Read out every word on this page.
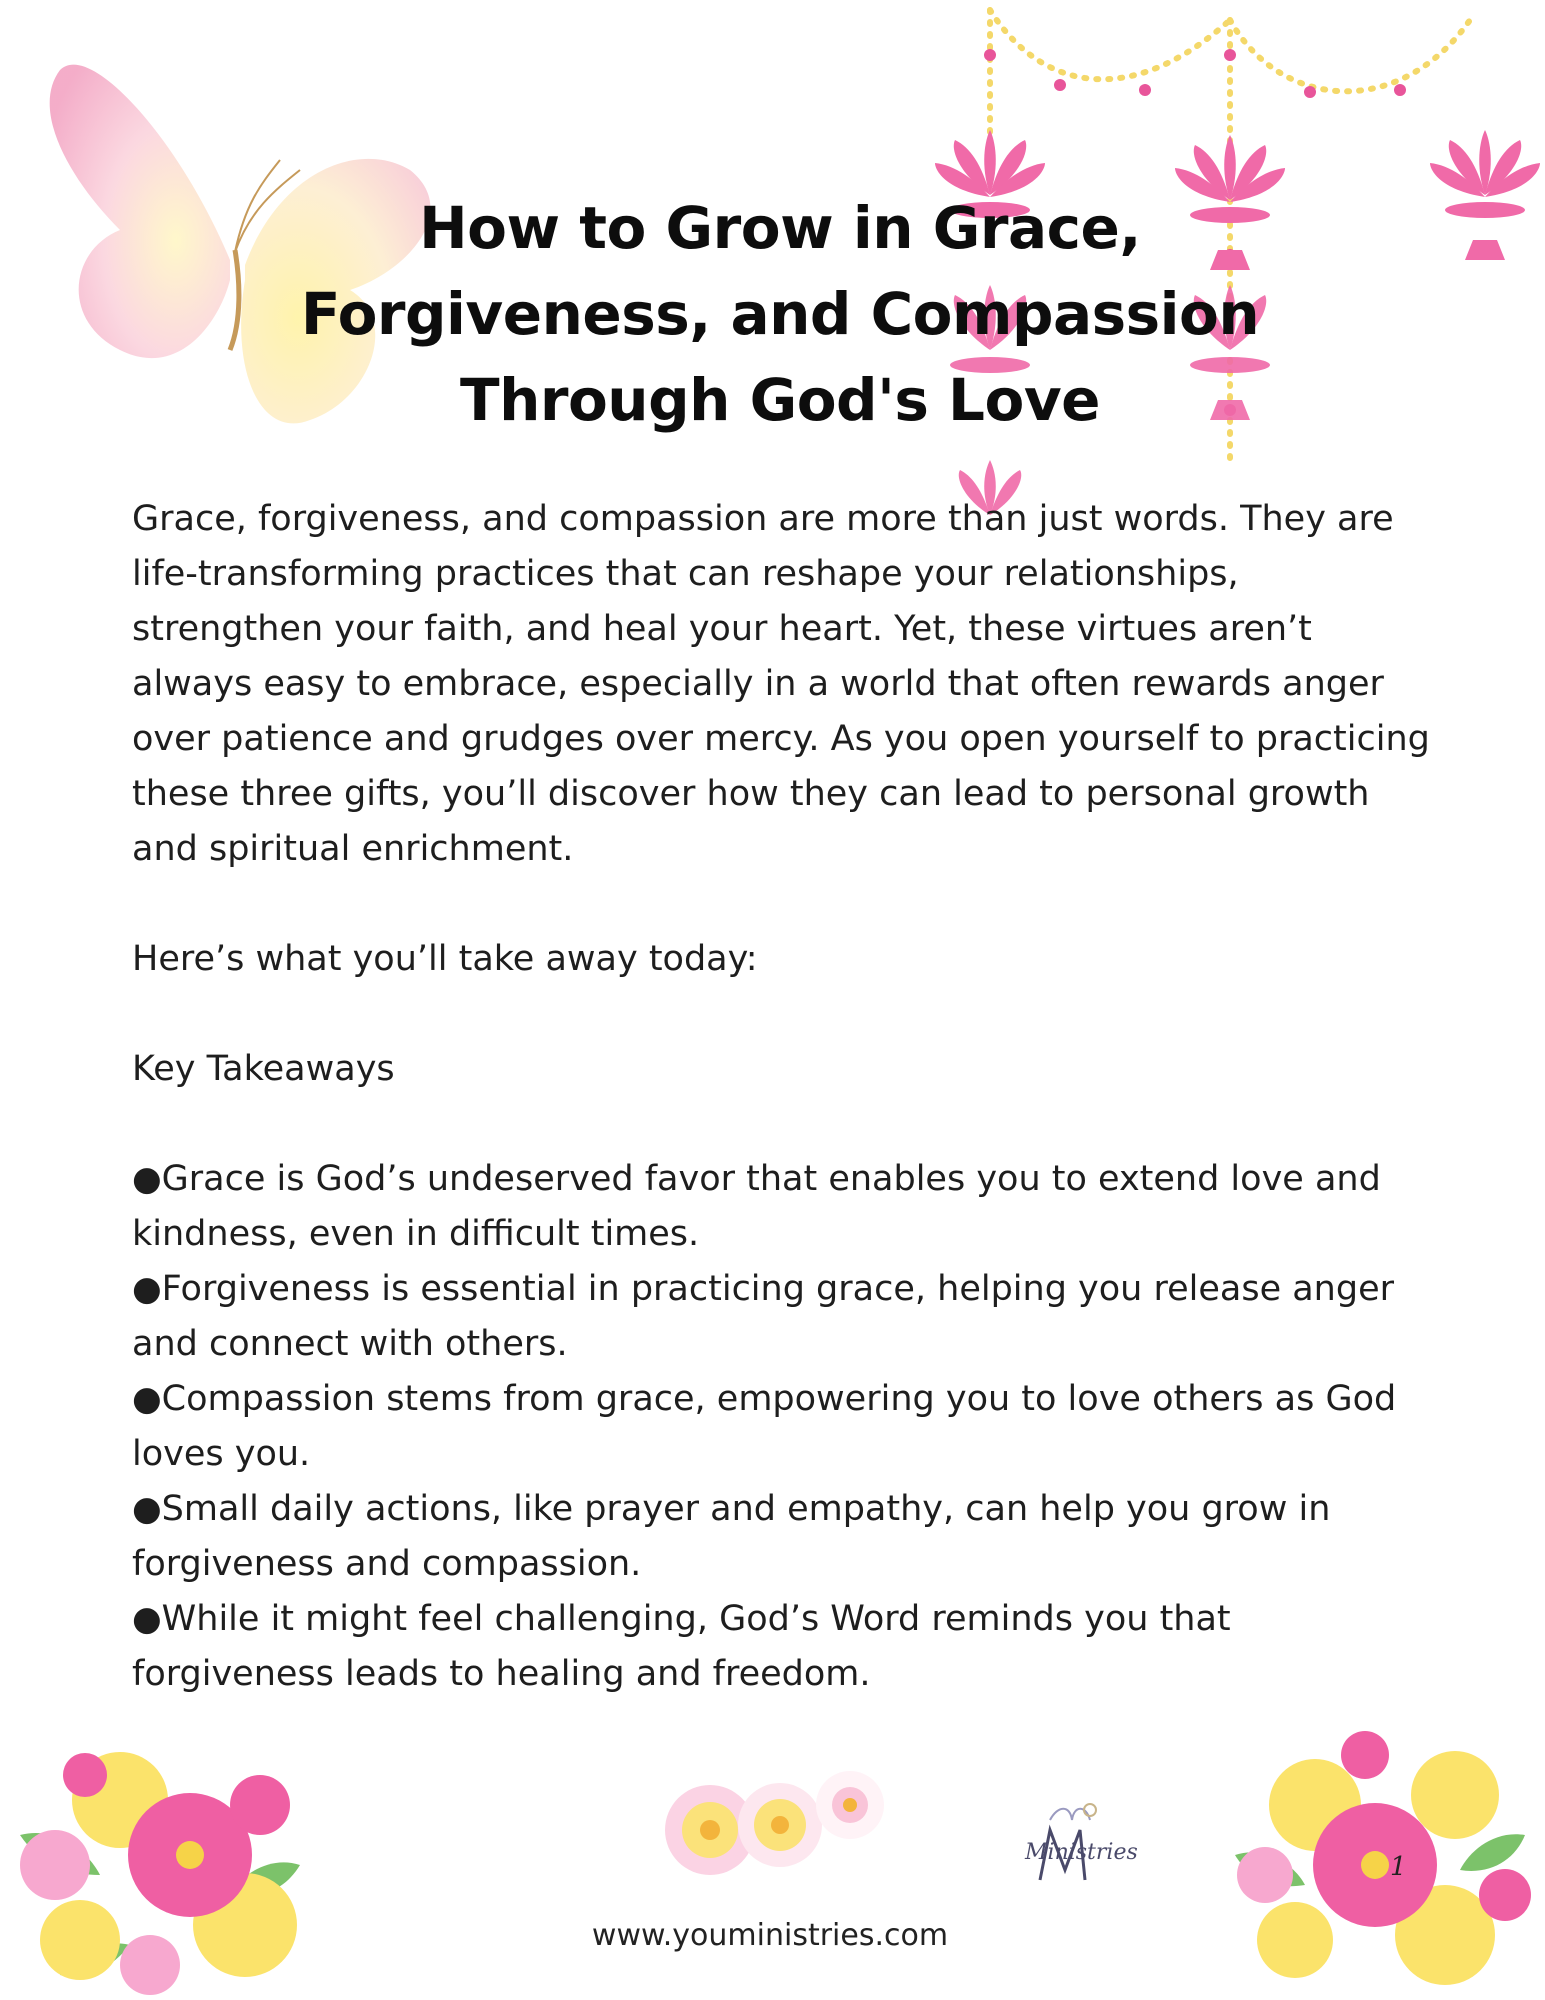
How to Grow in Grace,
Forgiveness, and Compassion
Through God's Love

Grace, forgiveness, and compassion are more than just words. They are life-transforming practices that can reshape your relationships, strengthen your faith, and heal your heart. Yet, these virtues aren’t always easy to embrace, especially in a world that often rewards anger over patience and grudges over mercy. As you open yourself to practicing these three gifts, you’ll discover how they can lead to personal growth and spiritual enrichment.

Here’s what you’ll take away today:

Key Takeaways

●Grace is God’s undeserved favor that enables you to extend love and kindness, even in difficult times.
●Forgiveness is essential in practicing grace, helping you release anger and connect with others.
●Compassion stems from grace, empowering you to love others as God loves you.
●Small daily actions, like prayer and empathy, can help you grow in forgiveness and compassion.
●While it might feel challenging, God’s Word reminds you that forgiveness leads to healing and freedom.
Ministries	1
www.youministries.com
